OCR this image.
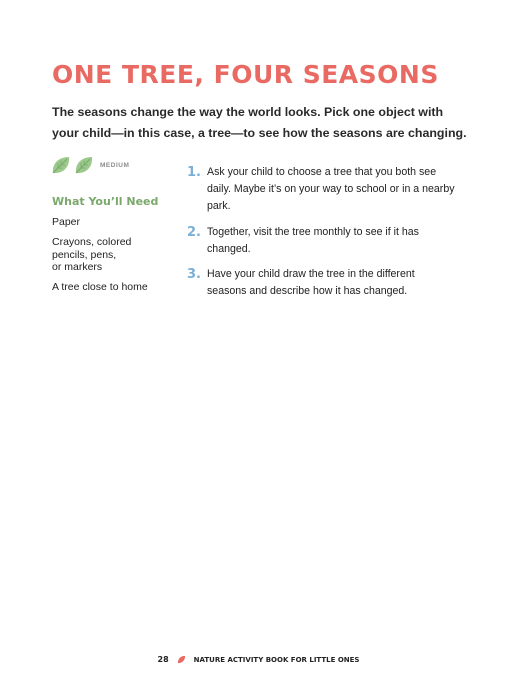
ONE TREE, FOUR SEASONS
The seasons change the way the world looks. Pick one object with your child—in this case, a tree—to see how the seasons are changing.
MEDIUM
What You’ll Need
Paper
Crayons, colored
pencils, pens,
or markers
A tree close to home
1. Ask your child to choose a tree that you both see daily. Maybe it’s on your way to school or in a nearby park.
2. Together, visit the tree monthly to see if it has changed.
3. Have your child draw the tree in the different seasons and describe how it has changed.
28	NATURE ACTIVITY BOOK FOR LITTLE ONES
